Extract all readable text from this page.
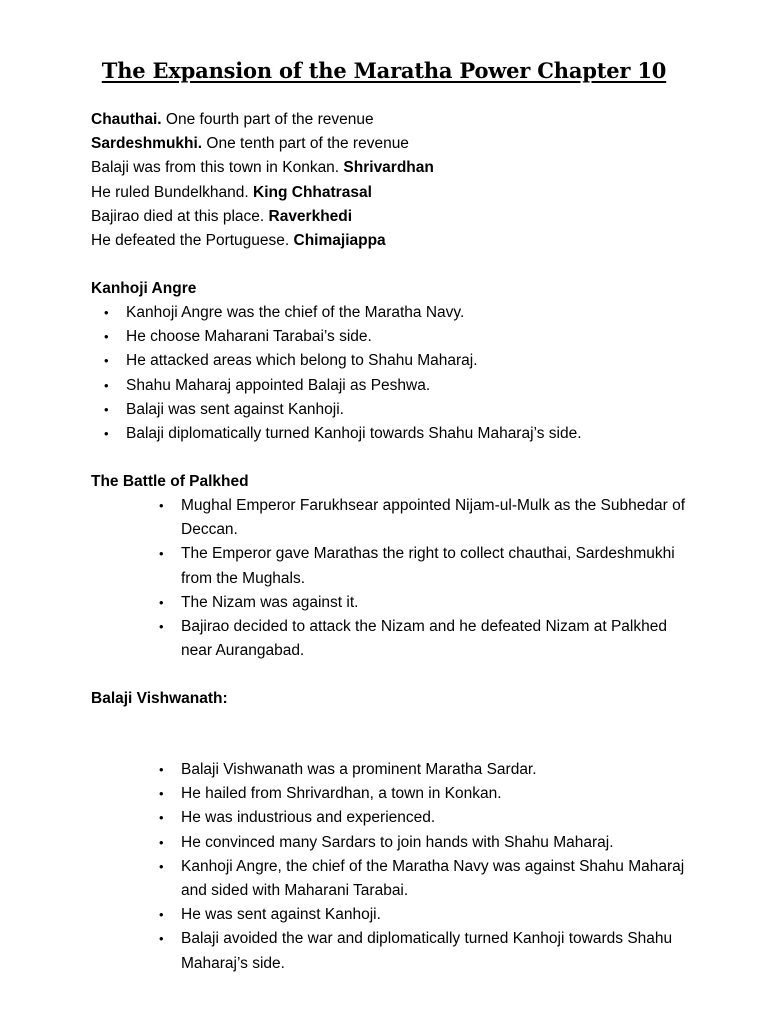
The Expansion of the Maratha Power Chapter 10
Chauthai. One fourth part of the revenue
Sardeshmukhi. One tenth part of the revenue
Balaji was from this town in Konkan. Shrivardhan
He ruled Bundelkhand. King Chhatrasal
Bajirao died at this place. Raverkhedi
He defeated the Portuguese. Chimajiappa
Kanhoji Angre
• Kanhoji Angre was the chief of the Maratha Navy.
• He choose Maharani Tarabai’s side.
• He attacked areas which belong to Shahu Maharaj.
• Shahu Maharaj appointed Balaji as Peshwa.
• Balaji was sent against Kanhoji.
• Balaji diplomatically turned Kanhoji towards Shahu Maharaj’s side.
The Battle of Palkhed
• Mughal Emperor Farukhsear appointed Nijam-ul-Mulk as the Subhedar of Deccan.
• The Emperor gave Marathas the right to collect chauthai, Sardeshmukhi from the Mughals.
• The Nizam was against it.
• Bajirao decided to attack the Nizam and he defeated Nizam at Palkhed near Aurangabad.
Balaji Vishwanath:
• Balaji Vishwanath was a prominent Maratha Sardar.
• He hailed from Shrivardhan, a town in Konkan.
• He was industrious and experienced.
• He convinced many Sardars to join hands with Shahu Maharaj.
• Kanhoji Angre, the chief of the Maratha Navy was against Shahu Maharaj and sided with Maharani Tarabai.
• He was sent against Kanhoji.
• Balaji avoided the war and diplomatically turned Kanhoji towards Shahu Maharaj’s side.
